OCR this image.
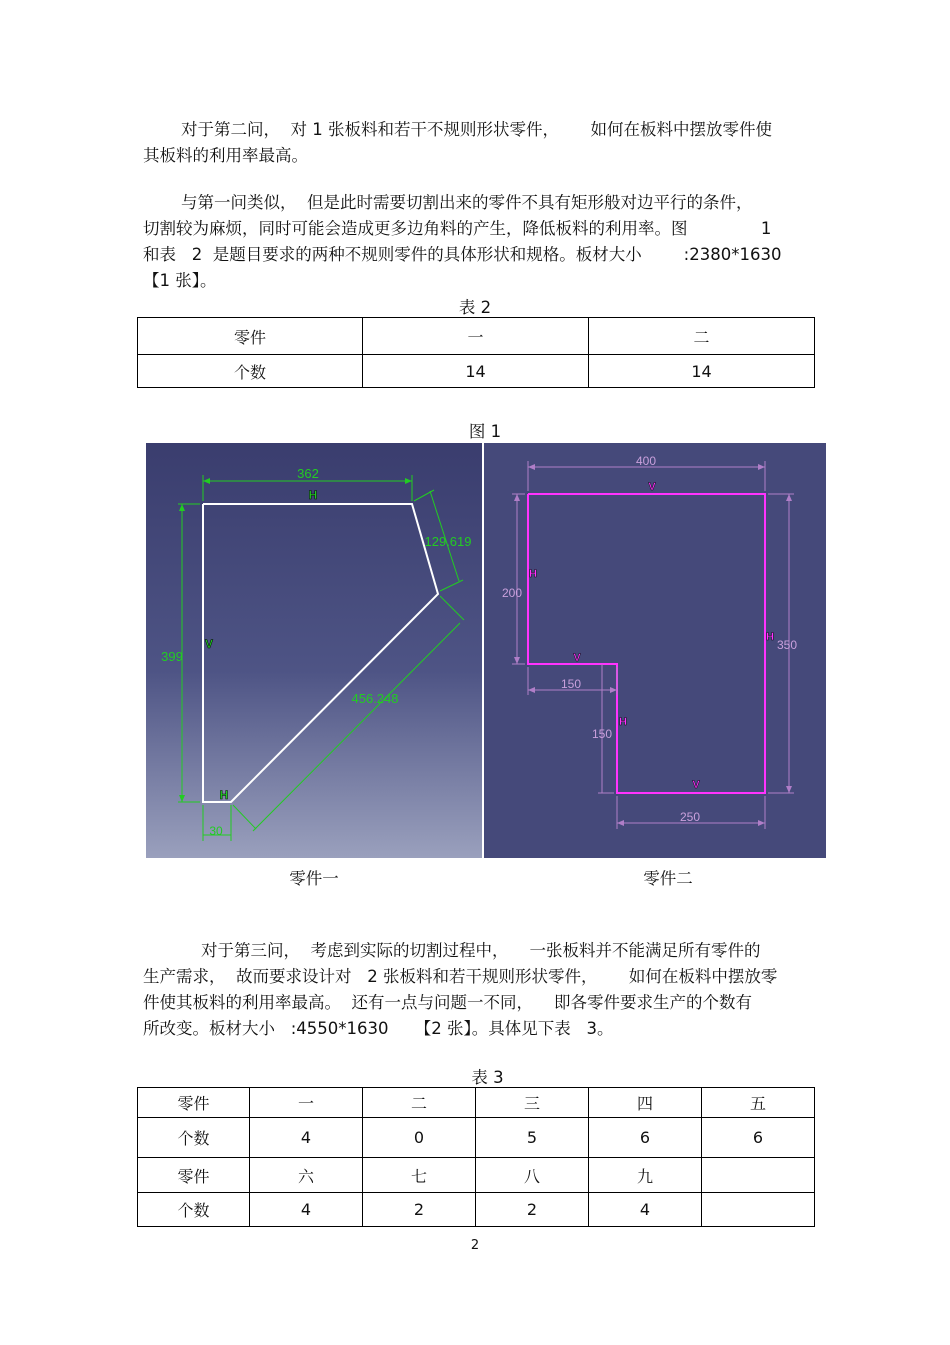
对于第二问，  对 1 张板料和若干不规则形状零件，      如何在板料中摆放零件使
其板料的利用率最高。

与第一问类似，  但是此时需要切割出来的零件不具有矩形般对边平行的条件，
切割较为麻烦，同时可能会造成更多边角料的产生，降低板料的利用率。图              1
和表   2  是题目要求的两种不规则零件的具体形状和规格。板材大小        :2380*1630
【1 张】。

表 2
零件	一	二
个数	14	14
图 1
362
129.619
399
456.248
30
H
V
H
400
200
350
150
150
250
V
H
V
H
H
V
零件一	零件二

对于第三问，  考虑到实际的切割过程中，    一张板料并不能满足所有零件的
生产需求，  故而要求设计对   2 张板料和若干规则形状零件，      如何在板料中摆放零
件使其板料的利用率最高。  还有一点与问题一不同，    即各零件要求生产的个数有
所改变。板材大小   :4550*1630     【2 张】。具体见下表   3。

表 3
零件	一	二	三	四	五
个数	4	0	5	6	6
零件	六	七	八	九	
个数	4	2	2	4	
2
